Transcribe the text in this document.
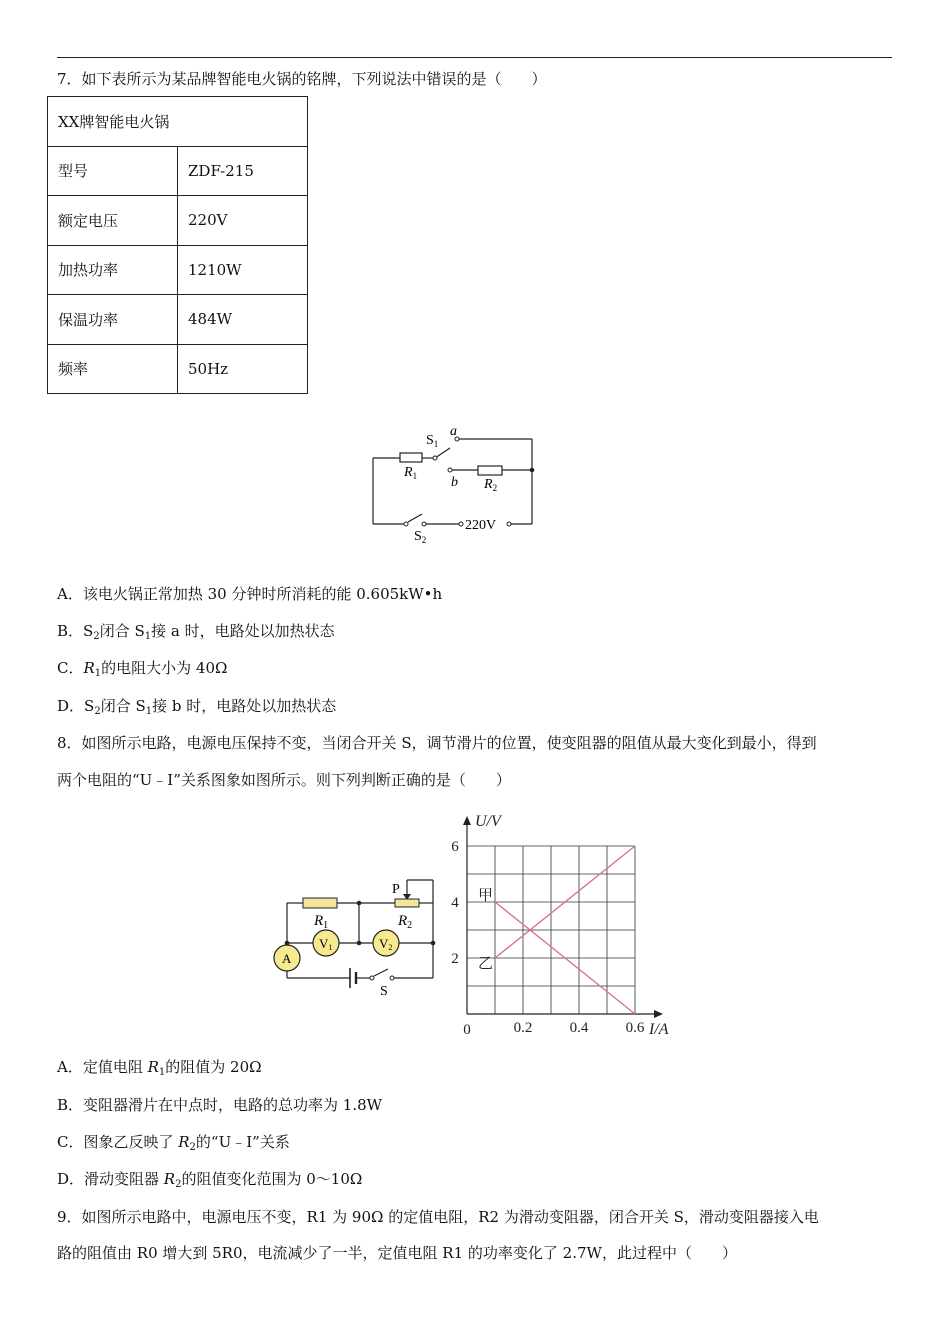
7．如下表所示为某品牌智能电火锅的铭牌，下列说法中错误的是（　　）
XX牌智能电火锅	
型号	ZDF-215
额定电压	220V
加热功率	1210W
保温功率	484W
频率	50Hz
$S_1$
a
$R_1$ b $R_2$
$S_2$
220V
A．该电火锅正常加热 30 分钟时所消耗的能 0.605kW•h
B．$S_2$闭合 $S_1$接 a 时，电路处以加热状态
C．$R_1$的电阻大小为 40Ω
D．$S_2$闭合 $S_1$接 b 时，电路处以加热状态
8．如图所示电路，电源电压保持不变，当闭合开关 S，调节滑片的位置，使变阻器的阻值从最大变化到最小，得到
两个电阻的“U﹣I”关系图象如图所示。则下列判断正确的是（　　）
$R_1$	$R_2$
P
V1	V2
A
S
甲
乙
0.2 0.4 0.6
2
4
6
0
U/V
I/A
A．定值电阻 $R_1$的阻值为 20Ω
B．变阻器滑片在中点时，电路的总功率为 1.8W
C．图象乙反映了 $R_2$的“U﹣I”关系
D．滑动变阻器 $R_2$的阻值变化范围为 0～10Ω
9．如图所示电路中，电源电压不变，R1 为 90Ω 的定值电阻，R2 为滑动变阻器，闭合开关 S，滑动变阻器接入电
路的阻值由 R0 增大到 5R0，电流减少了一半，定值电阻 R1 的功率变化了 2.7W，此过程中（　　）
